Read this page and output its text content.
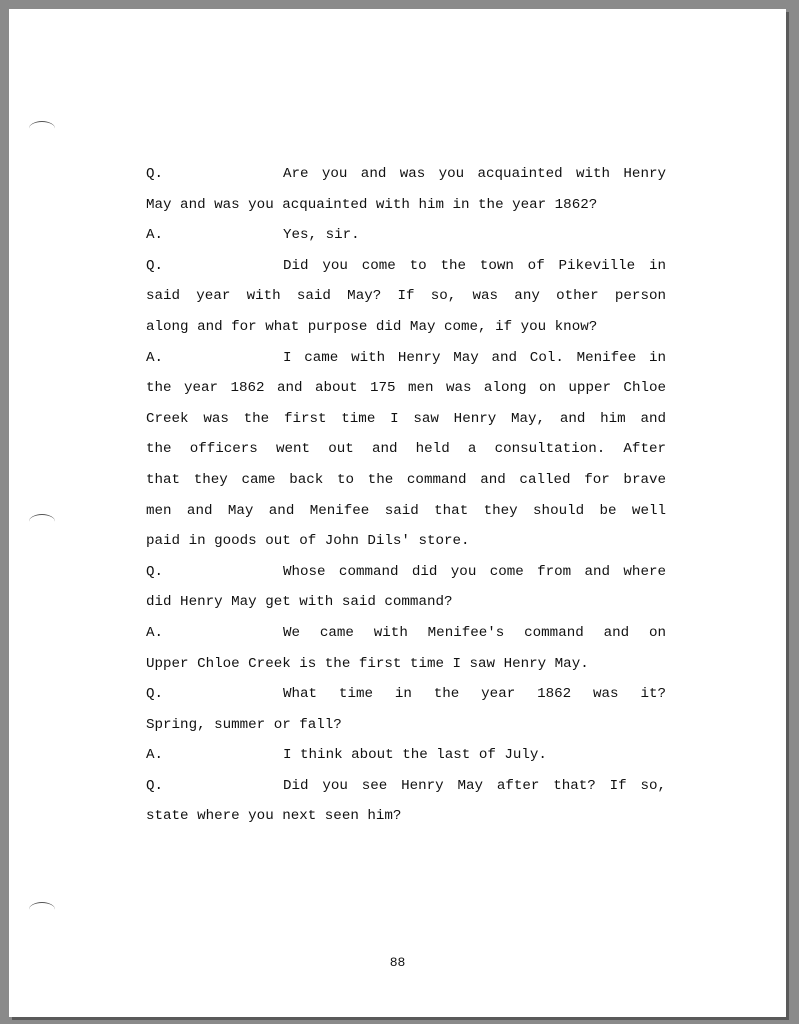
Q.	Are you and was you acquainted with Henry
May and was you acquainted with him in the year 1862?
A.	Yes, sir.
Q.	Did you come to the town of Pikeville in
said year with said May? If so, was any other person
along and for what purpose did May come, if you know?
A.	I came with Henry May and Col. Menifee in
the year 1862 and about 175 men was along on upper Chloe
Creek was the first time I saw Henry May, and him and
the officers went out and held a consultation. After
that they came back to the command and called for brave
men and May and Menifee said that they should be well
paid in goods out of John Dils' store.
Q.	Whose command did you come from and where
did Henry May get with said command?
A.	We came with Menifee's command and on
Upper Chloe Creek is the first time I saw Henry May.
Q.	What time in the year 1862 was it?
Spring, summer or fall?
A.	I think about the last of July.
Q.	Did you see Henry May after that? If so,
state where you next seen him?
88
